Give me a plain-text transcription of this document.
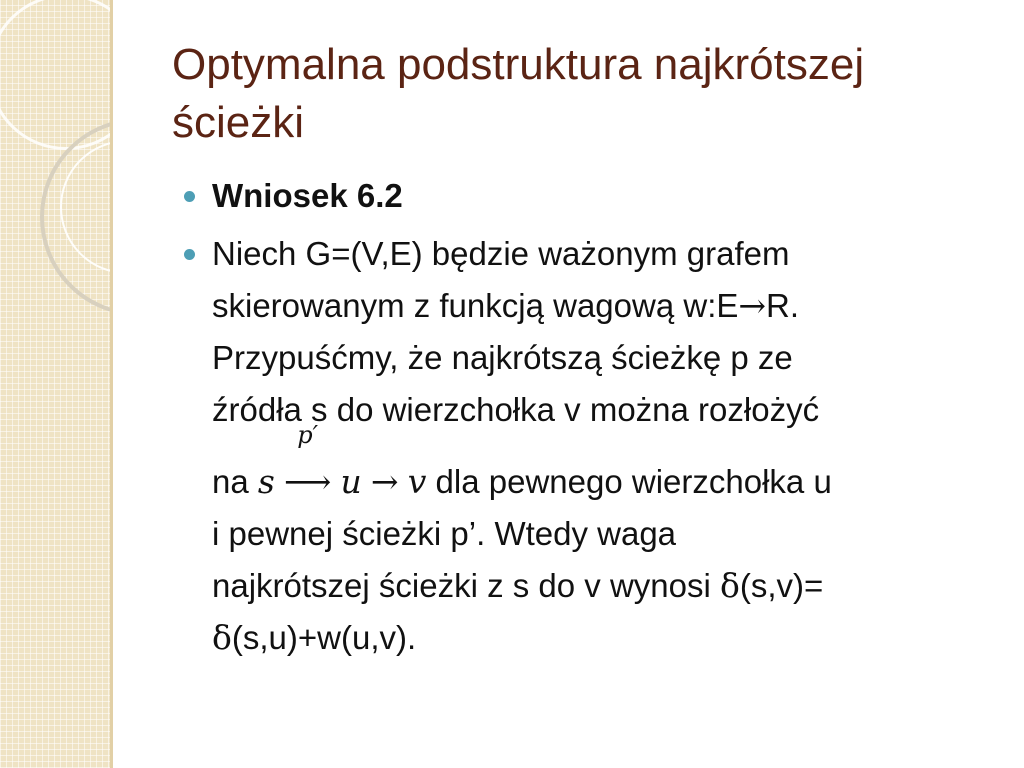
Optymalna podstruktura najkrótszej ścieżki
Wniosek 6.2
Niech G=(V,E) będzie ważonym grafem
skierowanym z funkcją wagową w:E→R.
Przypuśćmy, że najkrótszą ścieżkę p ze
źródła s do wierzchołka v można rozłożyć
na s
p′
⟶ u → v dla pewnego wierzchołka u
i pewnej ścieżki p’. Wtedy waga
najkrótszej ścieżki z s do v wynosi δ(s,v)=
δ(s,u)+w(u,v).
